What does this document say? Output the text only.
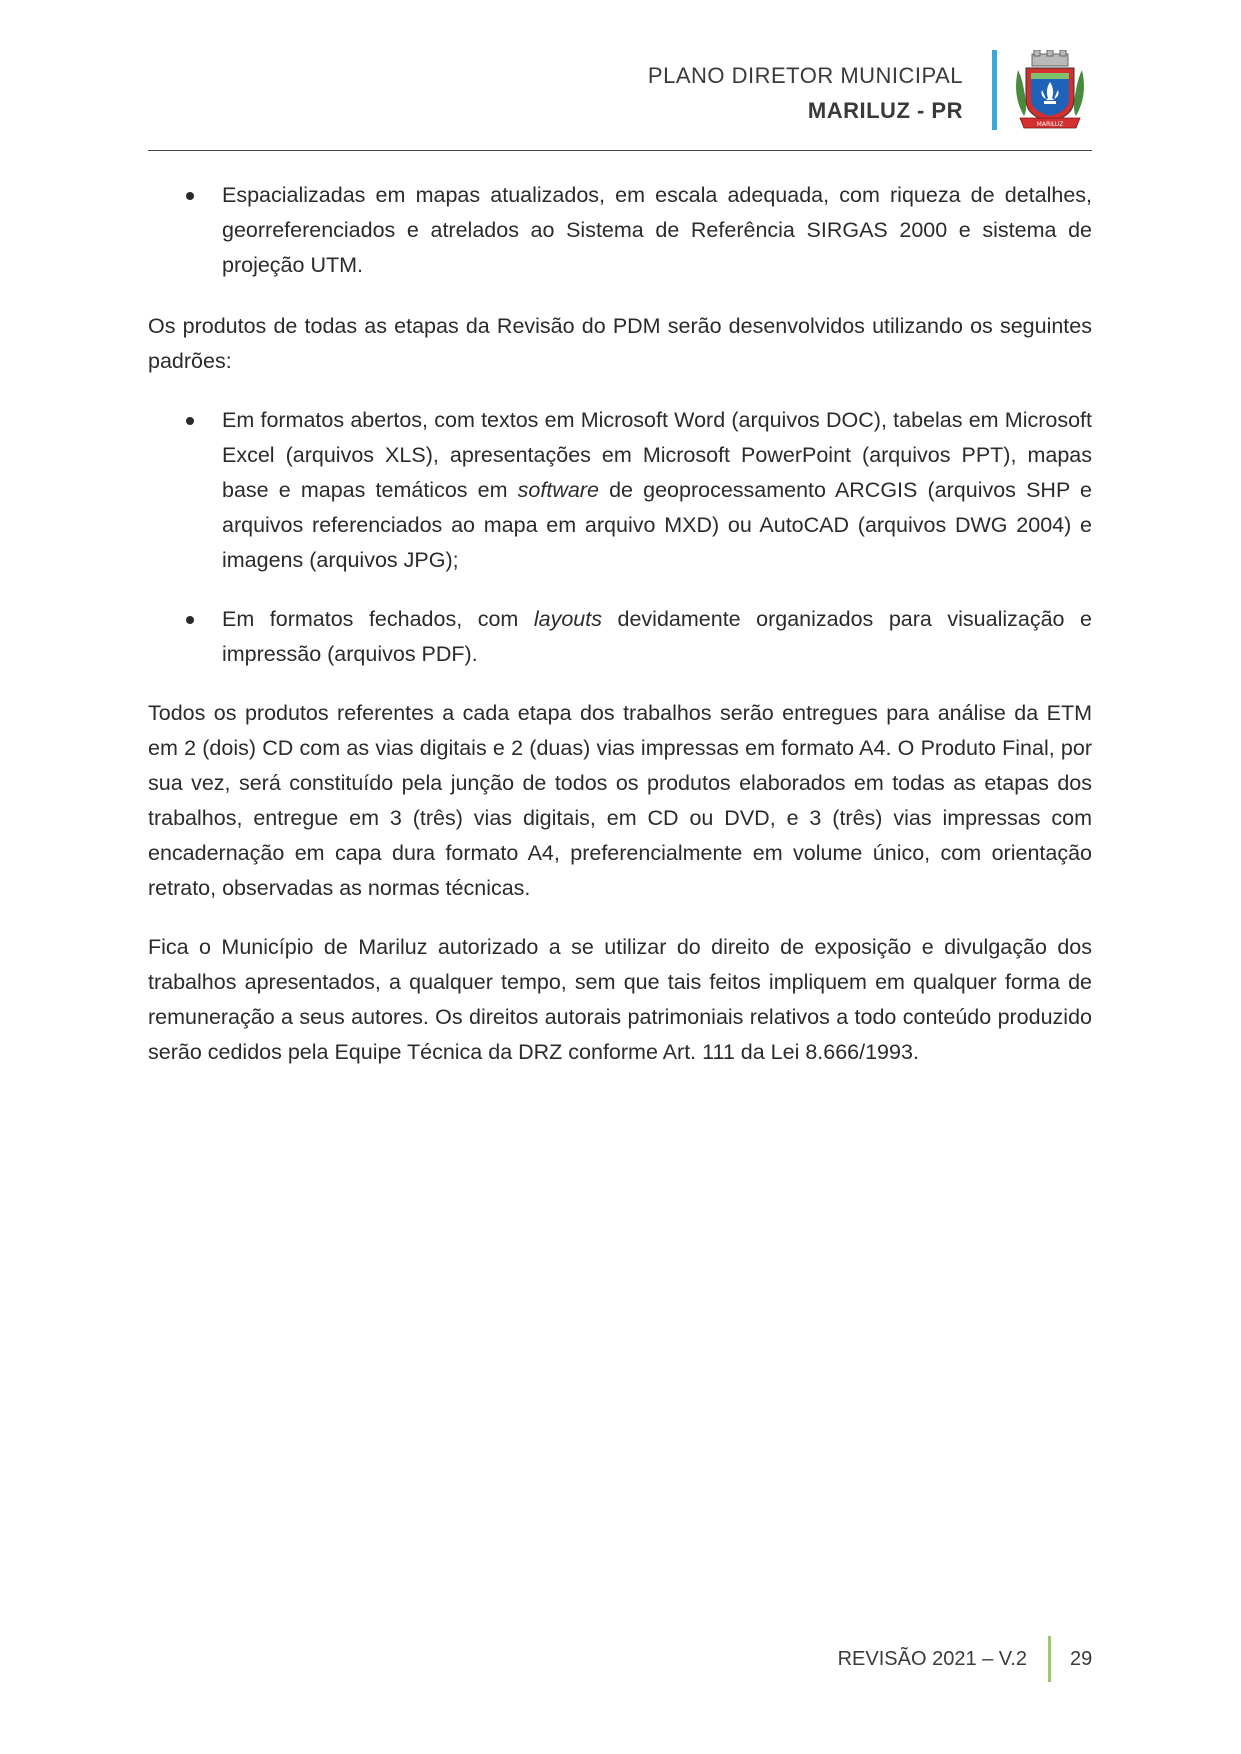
PLANO DIRETOR MUNICIPAL
MARILUZ - PR
MARILUZ
Espacializadas em mapas atualizados, em escala adequada, com riqueza de detalhes, georreferenciados e atrelados ao Sistema de Referência SIRGAS 2000 e sistema de projeção UTM.

Os produtos de todas as etapas da Revisão do PDM serão desenvolvidos utilizando os seguintes padrões:

Em formatos abertos, com textos em Microsoft Word (arquivos DOC), tabelas em Microsoft Excel (arquivos XLS), apresentações em Microsoft PowerPoint (arquivos PPT), mapas base e mapas temáticos em software de geoprocessamento ARCGIS (arquivos SHP e arquivos referenciados ao mapa em arquivo MXD) ou AutoCAD (arquivos DWG 2004) e imagens (arquivos JPG);
Em formatos fechados, com layouts devidamente organizados para visualização e impressão (arquivos PDF).

Todos os produtos referentes a cada etapa dos trabalhos serão entregues para análise da ETM em 2 (dois) CD com as vias digitais e 2 (duas) vias impressas em formato A4. O Produto Final, por sua vez, será constituído pela junção de todos os produtos elaborados em todas as etapas dos trabalhos, entregue em 3 (três) vias digitais, em CD ou DVD, e 3 (três) vias impressas com encadernação em capa dura formato A4, preferencialmente em volume único, com orientação retrato, observadas as normas técnicas.

Fica o Município de Mariluz autorizado a se utilizar do direito de exposição e divulgação dos trabalhos apresentados, a qualquer tempo, sem que tais feitos impliquem em qualquer forma de remuneração a seus autores. Os direitos autorais patrimoniais relativos a todo conteúdo produzido serão cedidos pela Equipe Técnica da DRZ conforme Art. 111 da Lei 8.666/1993.

REVISÃO 2021 – V.2 29
